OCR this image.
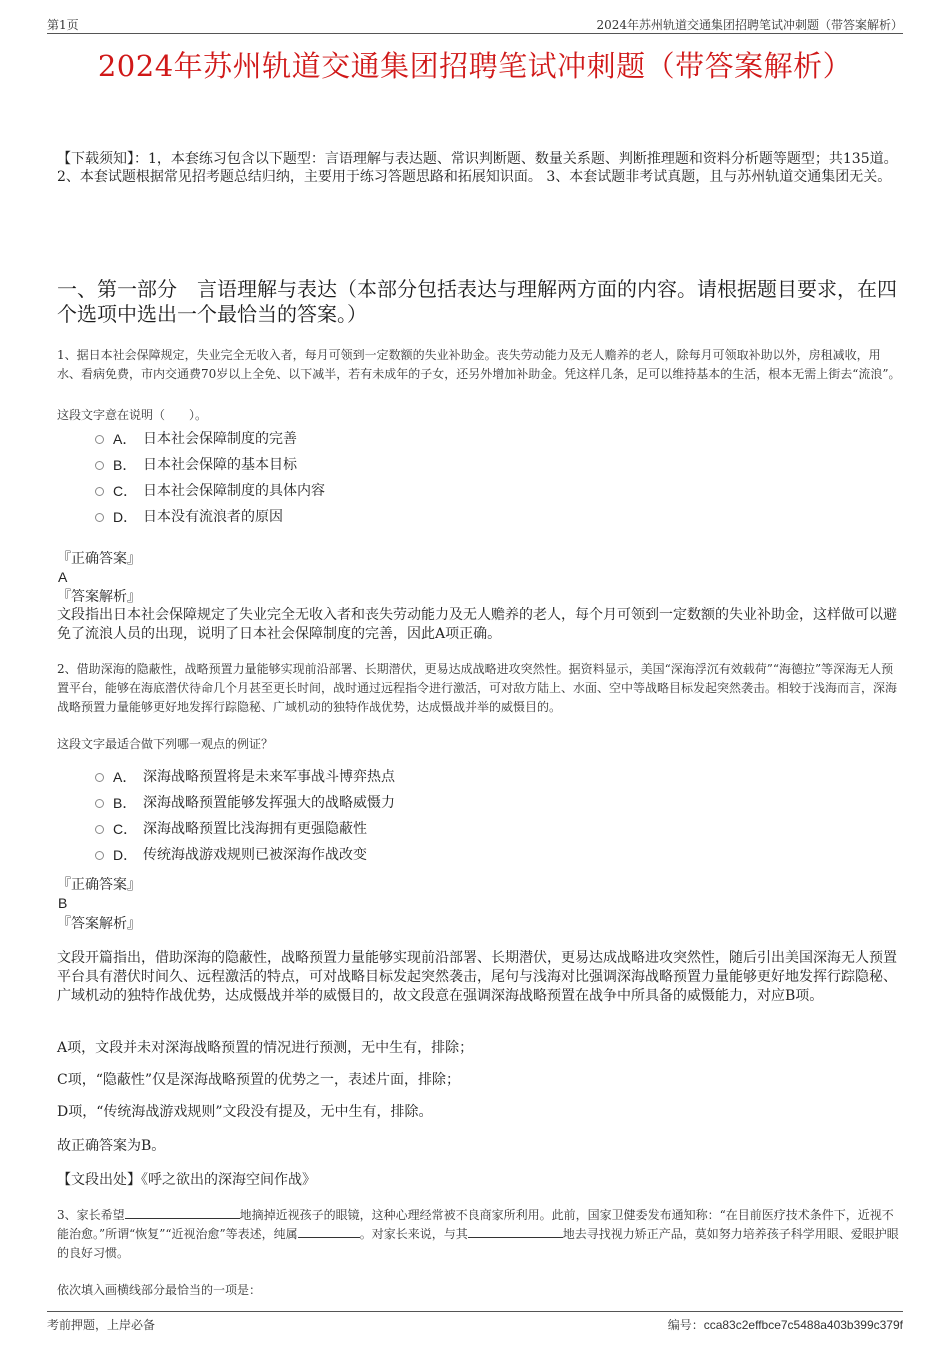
第1页	2024年苏州轨道交通集团招聘笔试冲刺题（带答案解析）
2024年苏州轨道交通集团招聘笔试冲刺题（带答案解析）

【下载须知】：1，本套练习包含以下题型：言语理解与表达题、常识判断题、数量关系题、判断推理题和资料分析题等题型；共135道。 2、本套试题根据常见招考题总结归纳，主要用于练习答题思路和拓展知识面。 3、本套试题非考试真题，且与苏州轨道交通集团无关。

一、第一部分　言语理解与表达（本部分包括表达与理解两方面的内容。请根据题目要求，在四个选项中选出一个最恰当的答案。）

1、据日本社会保障规定，失业完全无收入者，每月可领到一定数额的失业补助金。丧失劳动能力及无人赡养的老人，除每月可领取补助以外，房租减收，用水、看病免费，市内交通费70岁以上全免、以下减半，若有未成年的子女，还另外增加补助金。凭这样几条，足可以维持基本的生活，根本无需上街去“流浪”。

这段文字意在说明（　　）。

A． 日本社会保障制度的完善
B． 日本社会保障的基本目标
C． 日本社会保障制度的具体内容
D． 日本没有流浪者的原因

『正确答案』

A

『答案解析』

文段指出日本社会保障规定了失业完全无收入者和丧失劳动能力及无人赡养的老人，每个月可领到一定数额的失业补助金，这样做可以避免了流浪人员的出现，说明了日本社会保障制度的完善，因此A项正确。

2、借助深海的隐蔽性，战略预置力量能够实现前沿部署、长期潜伏，更易达成战略进攻突然性。据资料显示，美国“深海浮沉有效载荷”“海德拉”等深海无人预置平台，能够在海底潜伏待命几个月甚至更长时间，战时通过远程指令进行激活，可对敌方陆上、水面、空中等战略目标发起突然袭击。相较于浅海而言，深海战略预置力量能够更好地发挥行踪隐秘、广域机动的独特作战优势，达成慑战并举的威慑目的。

这段文字最适合做下列哪一观点的例证？

A． 深海战略预置将是未来军事战斗博弈热点
B． 深海战略预置能够发挥强大的战略威慑力
C． 深海战略预置比浅海拥有更强隐蔽性
D． 传统海战游戏规则已被深海作战改变

『正确答案』

B

『答案解析』

文段开篇指出，借助深海的隐蔽性，战略预置力量能够实现前沿部署、长期潜伏，更易达成战略进攻突然性，随后引出美国深海无人预置平台具有潜伏时间久、远程激活的特点，可对战略目标发起突然袭击，尾句与浅海对比强调深海战略预置力量能够更好地发挥行踪隐秘、广域机动的独特作战优势，达成慑战并举的威慑目的，故文段意在强调深海战略预置在战争中所具备的威慑能力，对应B项。

A项，文段并未对深海战略预置的情况进行预测，无中生有，排除；

C项，“隐蔽性”仅是深海战略预置的优势之一，表述片面，排除；

D项，“传统海战游戏规则”文段没有提及，无中生有，排除。

故正确答案为B。

【文段出处】《呼之欲出的深海空间作战》

3、家长希望	地摘掉近视孩子的眼镜，这种心理经常被不良商家所利用。此前，国家卫健委发布通知称：“在目前医疗技术条件下，近视不能治愈。”所谓“恢复”“近视治愈”等表述，纯属	。对家长来说，与其	地去寻找视力矫正产品，莫如努力培养孩子科学用眼、爱眼护眼的良好习惯。

依次填入画横线部分最恰当的一项是：

考前押题，上岸必备	编号：cca83c2effbce7c5488a403b399c379f
